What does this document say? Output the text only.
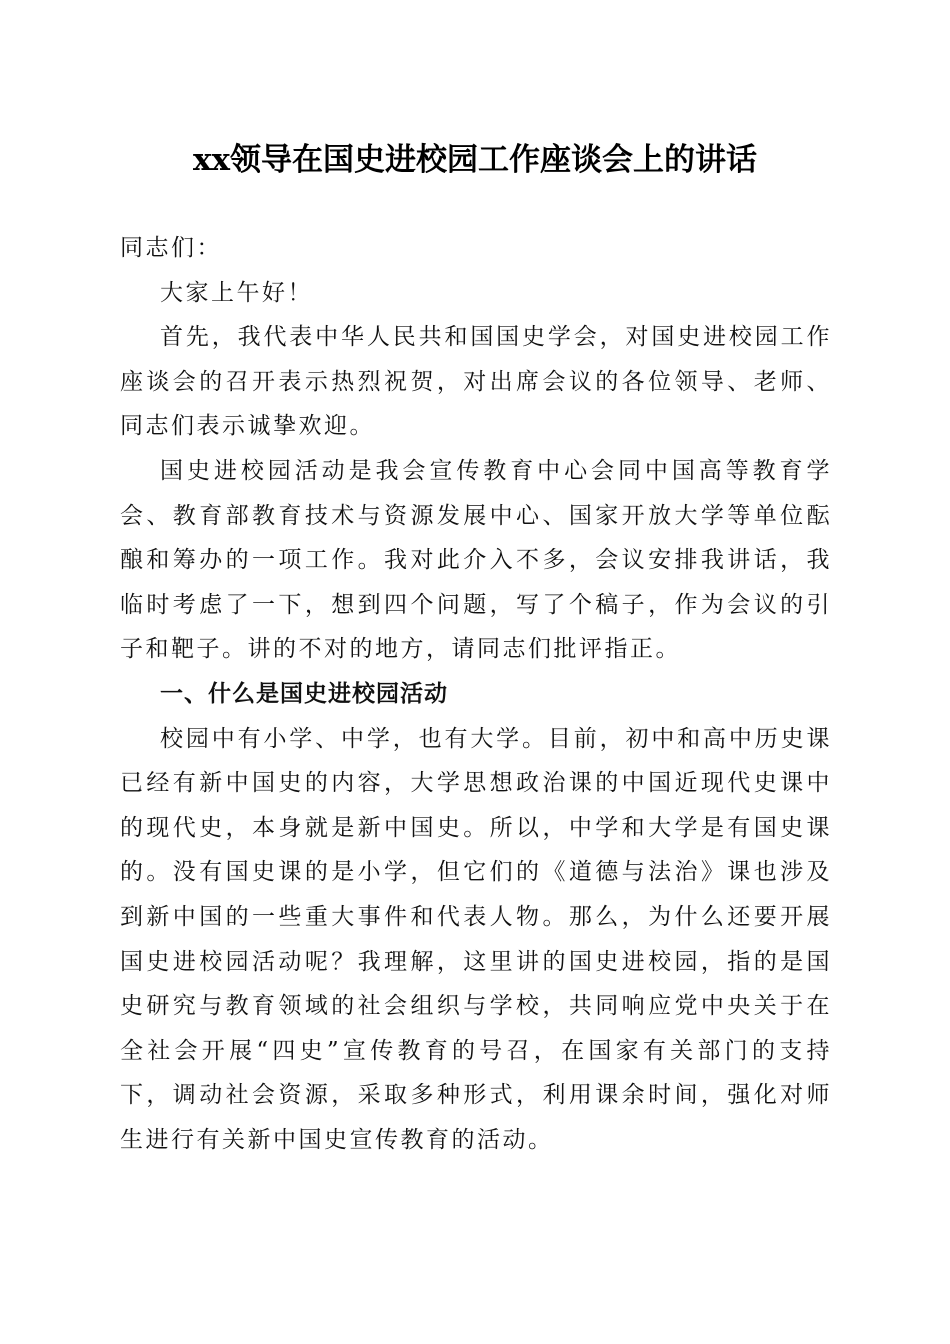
xx领导在国史进校园工作座谈会上的讲话

同志们：

大家上午好！

首先，我代表中华人民共和国国史学会，对国史进校园工作座谈会的召开表示热烈祝贺，对出席会议的各位领导、老师、同志们表示诚挚欢迎。

国史进校园活动是我会宣传教育中心会同中国高等教育学会、教育部教育技术与资源发展中心、国家开放大学等单位酝酿和筹办的一项工作。我对此介入不多，会议安排我讲话，我临时考虑了一下，想到四个问题，写了个稿子，作为会议的引子和靶子。讲的不对的地方，请同志们批评指正。

一、什么是国史进校园活动

校园中有小学、中学，也有大学。目前，初中和高中历史课已经有新中国史的内容，大学思想政治课的中国近现代史课中的现代史，本身就是新中国史。所以，中学和大学是有国史课的。没有国史课的是小学，但它们的《道德与法治》课也涉及到新中国的一些重大事件和代表人物。那么，为什么还要开展国史进校园活动呢？我理解，这里讲的国史进校园，指的是国史研究与教育领域的社会组织与学校，共同响应党中央关于在全社会开展“四史”宣传教育的号召，在国家有关部门的支持下，调动社会资源，采取多种形式，利用课余时间，强化对师生进行有关新中国史宣传教育的活动。
